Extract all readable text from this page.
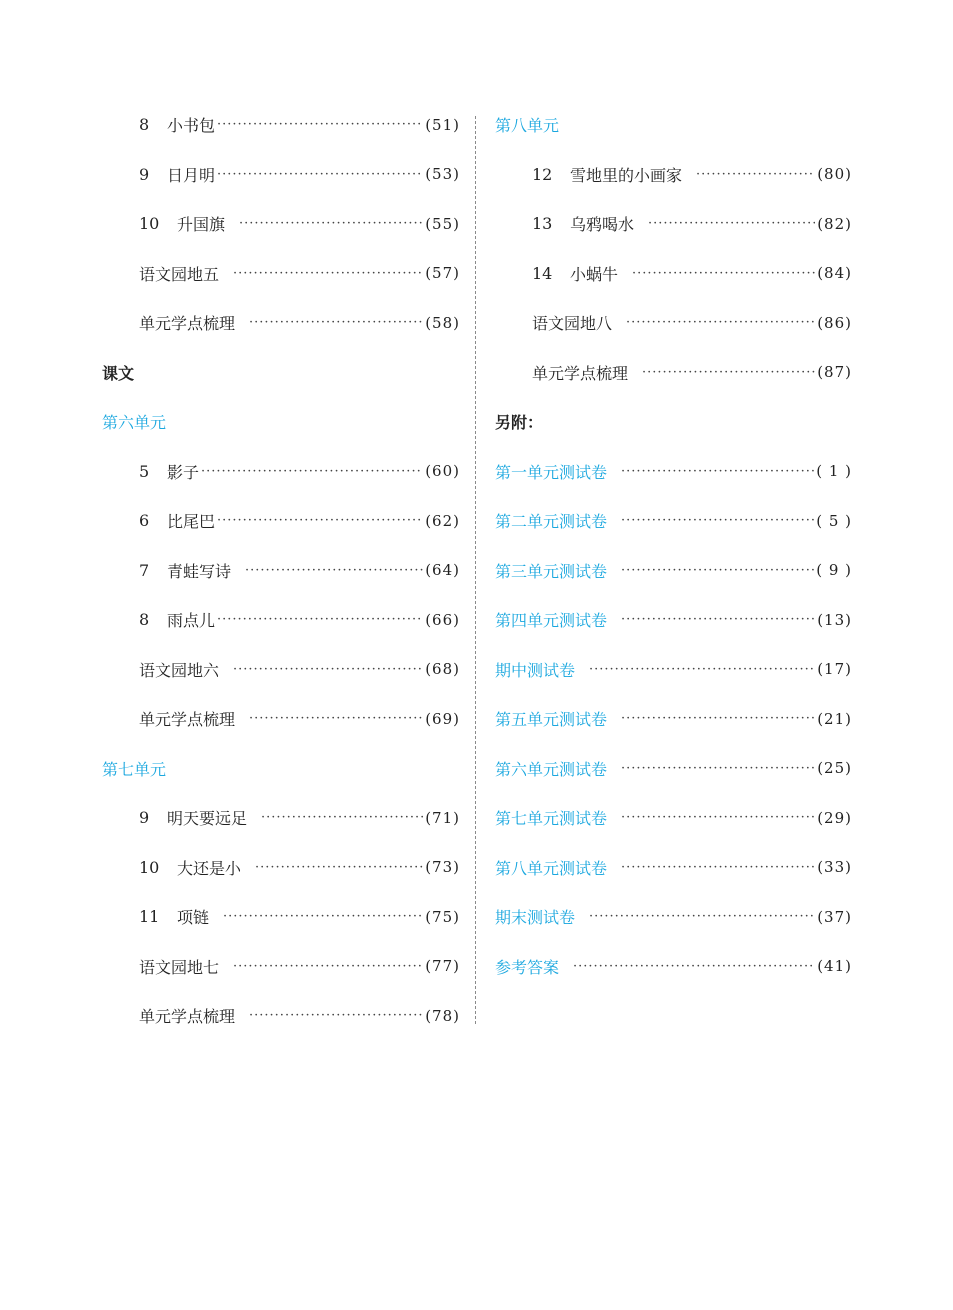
8	小书包 ·····	(51)
9	日月明 ·····	(53)
10	升国旗 ·····	(55)
语文园地五 ·····	(57)
单元学点梳理 ·····	(58)
课文
第六单元
5	影子 ·····	(60)
6	比尾巴 ·····	(62)
7	青蛙写诗 ·····	(64)
8	雨点儿 ·····	(66)
语文园地六 ·····	(68)
单元学点梳理 ·····	(69)
第七单元
9	明天要远足 ·····	(71)
10	大还是小 ·····	(73)
11	项链 ·····	(75)
语文园地七 ·····	(77)
单元学点梳理 ·····	(78)
第八单元
12	雪地里的小画家 ·····	(80)
13	乌鸦喝水 ·····	(82)
14	小蜗牛 ·····	(84)
语文园地八 ·····	(86)
单元学点梳理 ·····	(87)
另附：
第一单元测试卷 ·····	( 1 )
第二单元测试卷 ·····	( 5 )
第三单元测试卷 ·····	( 9 )
第四单元测试卷 ·····	(13)
期中测试卷 ·····	(17)
第五单元测试卷 ·····	(21)
第六单元测试卷 ·····	(25)
第七单元测试卷 ·····	(29)
第八单元测试卷 ·····	(33)
期末测试卷 ·····	(37)
参考答案 ·····	(41)
